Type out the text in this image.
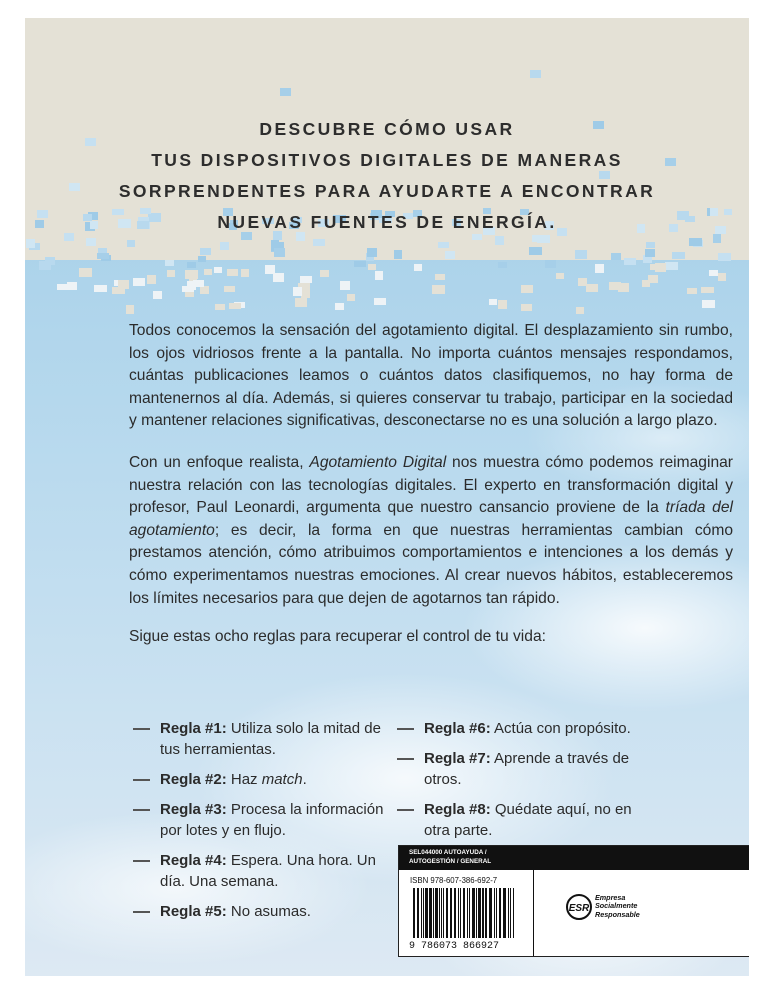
DESCUBRE CÓMO USAR
TUS DISPOSITIVOS DIGITALES DE MANERAS
SORPRENDENTES PARA AYUDARTE A ENCONTRAR
NUEVAS FUENTES DE ENERGÍA.

Todos conocemos la sensación del agotamiento digital. El desplazamiento sin rumbo, los ojos vidriosos frente a la pantalla. No importa cuántos mensajes respondamos, cuántas publicaciones leamos o cuántos datos clasifiquemos, no hay forma de mantenernos al día. Además, si quieres conservar tu trabajo, participar en la sociedad y mantener relaciones significativas, desconectarse no es una solución a largo plazo.

Con un enfoque realista, Agotamiento Digital nos muestra cómo podemos reimaginar nuestra relación con las tecnologías digitales. El experto en transformación digital y profesor, Paul Leonardi, argumenta que nuestro cansancio proviene de la tríada del agotamiento; es decir, la forma en que nuestras herramientas cambian cómo prestamos atención, cómo atribuimos comportamientos e intenciones a los demás y cómo experimentamos nuestras emociones. Al crear nuevos hábitos, estableceremos los límites necesarios para que dejen de agotarnos tan rápido.

Sigue estas ocho reglas para recuperar el control de tu vida:

Regla #1: Utiliza solo la mitad de tus herramientas.
Regla #2: Haz match.
Regla #3: Procesa la información por lotes y en flujo.
Regla #4: Espera. Una hora. Un día. Una semana.
Regla #5: No asumas.
Regla #6: Actúa con propósito.
Regla #7: Aprende a través de otros.
Regla #8: Quédate aquí, no en otra parte.
SEL044000 AUTOAYUDA /
AUTOGESTIÓN / GENERAL
ISBN 978-607-386-692-7
9 786073 866927
ESR
Empresa
Socialmente
Responsable
